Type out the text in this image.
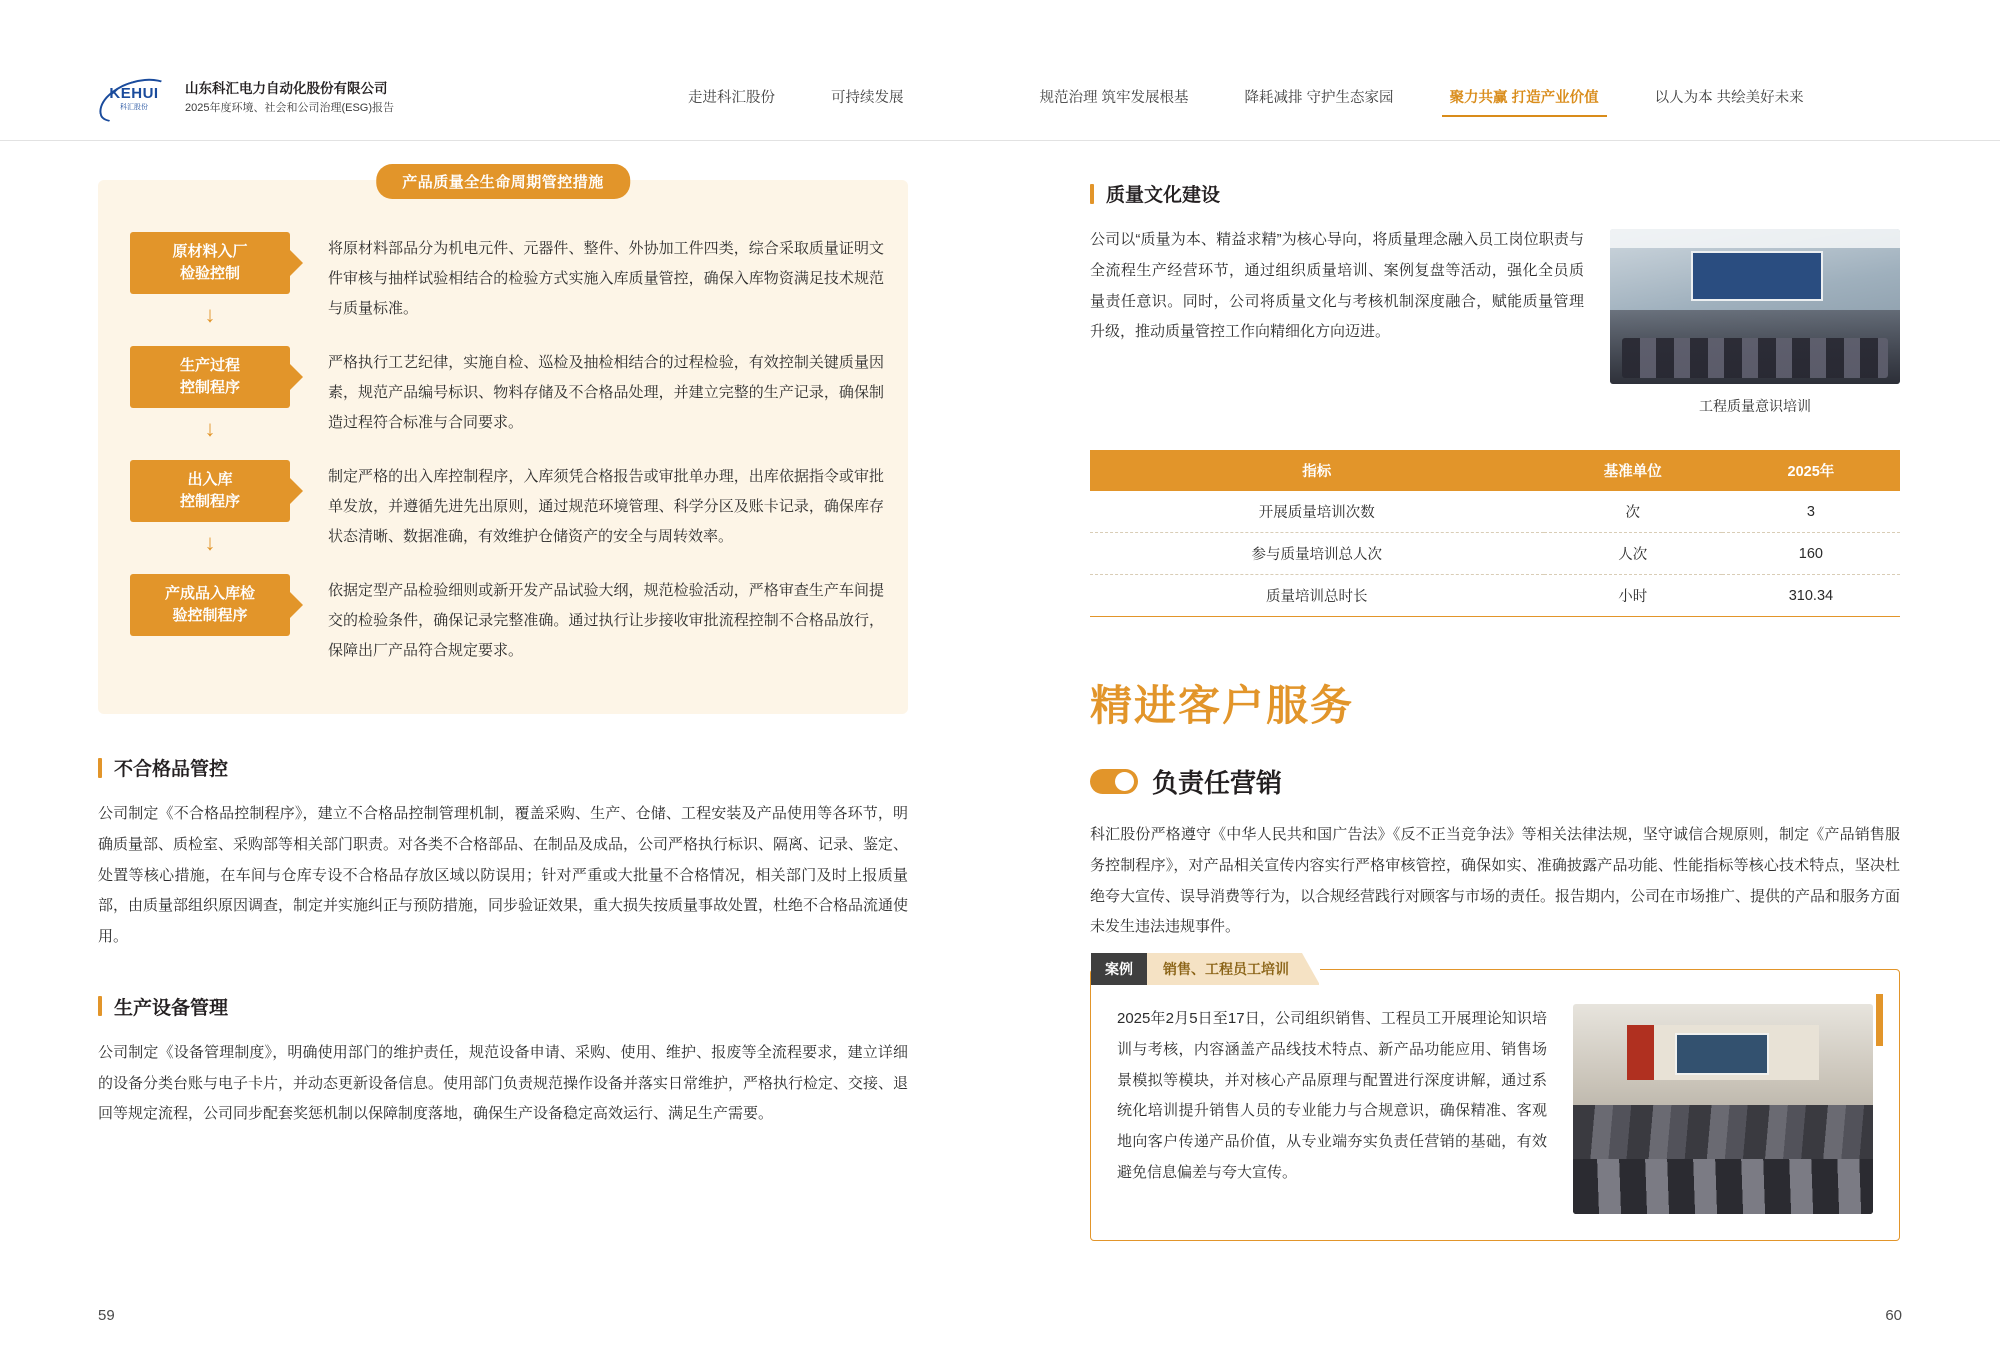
KEHUI
科汇股份
山东科汇电力自动化股份有限公司
2025年度环境、社会和公司治理(ESG)报告
走进科汇股份	可持续发展	规范治理 筑牢发展根基	降耗减排 守护生态家园	聚力共赢 打造产业价值	以人为本 共绘美好未来
产品质量全生命周期管控措施
原材料入厂
检验控制
↓
将原材料部品分为机电元件、元器件、整件、外协加工件四类，综合采取质量证明文件审核与抽样试验相结合的检验方式实施入库质量管控，确保入库物资满足技术规范与质量标准。
生产过程
控制程序
↓
严格执行工艺纪律，实施自检、巡检及抽检相结合的过程检验，有效控制关键质量因素，规范产品编号标识、物料存储及不合格品处理，并建立完整的生产记录，确保制造过程符合标准与合同要求。
出入库
控制程序
↓
制定严格的出入库控制程序，入库须凭合格报告或审批单办理，出库依据指令或审批单发放，并遵循先进先出原则，通过规范环境管理、科学分区及账卡记录，确保库存状态清晰、数据准确，有效维护仓储资产的安全与周转效率。
产成品入库检
验控制程序
依据定型产品检验细则或新开发产品试验大纲，规范检验活动，严格审查生产车间提交的检验条件，确保记录完整准确。通过执行让步接收审批流程控制不合格品放行，保障出厂产品符合规定要求。
不合格品管控
公司制定《不合格品控制程序》，建立不合格品控制管理机制，覆盖采购、生产、仓储、工程安装及产品使用等各环节，明确质量部、质检室、采购部等相关部门职责。对各类不合格部品、在制品及成品，公司严格执行标识、隔离、记录、鉴定、处置等核心措施，在车间与仓库专设不合格品存放区域以防误用；针对严重或大批量不合格情况，相关部门及时上报质量部，由质量部组织原因调查，制定并实施纠正与预防措施，同步验证效果，重大损失按质量事故处置，杜绝不合格品流通使用。
生产设备管理
公司制定《设备管理制度》，明确使用部门的维护责任，规范设备申请、采购、使用、维护、报废等全流程要求，建立详细的设备分类台账与电子卡片，并动态更新设备信息。使用部门负责规范操作设备并落实日常维护，严格执行检定、交接、退回等规定流程，公司同步配套奖惩机制以保障制度落地，确保生产设备稳定高效运行、满足生产需要。
质量文化建设
公司以“质量为本、精益求精”为核心导向，将质量理念融入员工岗位职责与全流程生产经营环节，通过组织质量培训、案例复盘等活动，强化全员质量责任意识。同时，公司将质量文化与考核机制深度融合，赋能质量管理升级，推动质量管控工作向精细化方向迈进。
工程质量意识培训
指标	基准单位	2025年
开展质量培训次数	次	3
参与质量培训总人次	人次	160
质量培训总时长	小时	310.34
精进客户服务
负责任营销
科汇股份严格遵守《中华人民共和国广告法》《反不正当竞争法》等相关法律法规，坚守诚信合规原则，制定《产品销售服务控制程序》，对产品相关宣传内容实行严格审核管控，确保如实、准确披露产品功能、性能指标等核心技术特点，坚决杜绝夸大宣传、误导消费等行为，以合规经营践行对顾客与市场的责任。报告期内，公司在市场推广、提供的产品和服务方面未发生违法违规事件。
案例	销售、工程员工培训
2025年2月5日至17日，公司组织销售、工程员工开展理论知识培训与考核，内容涵盖产品线技术特点、新产品功能应用、销售场景模拟等模块，并对核心产品原理与配置进行深度讲解，通过系统化培训提升销售人员的专业能力与合规意识，确保精准、客观地向客户传递产品价值，从专业端夯实负责任营销的基础，有效避免信息偏差与夸大宣传。
59	60
